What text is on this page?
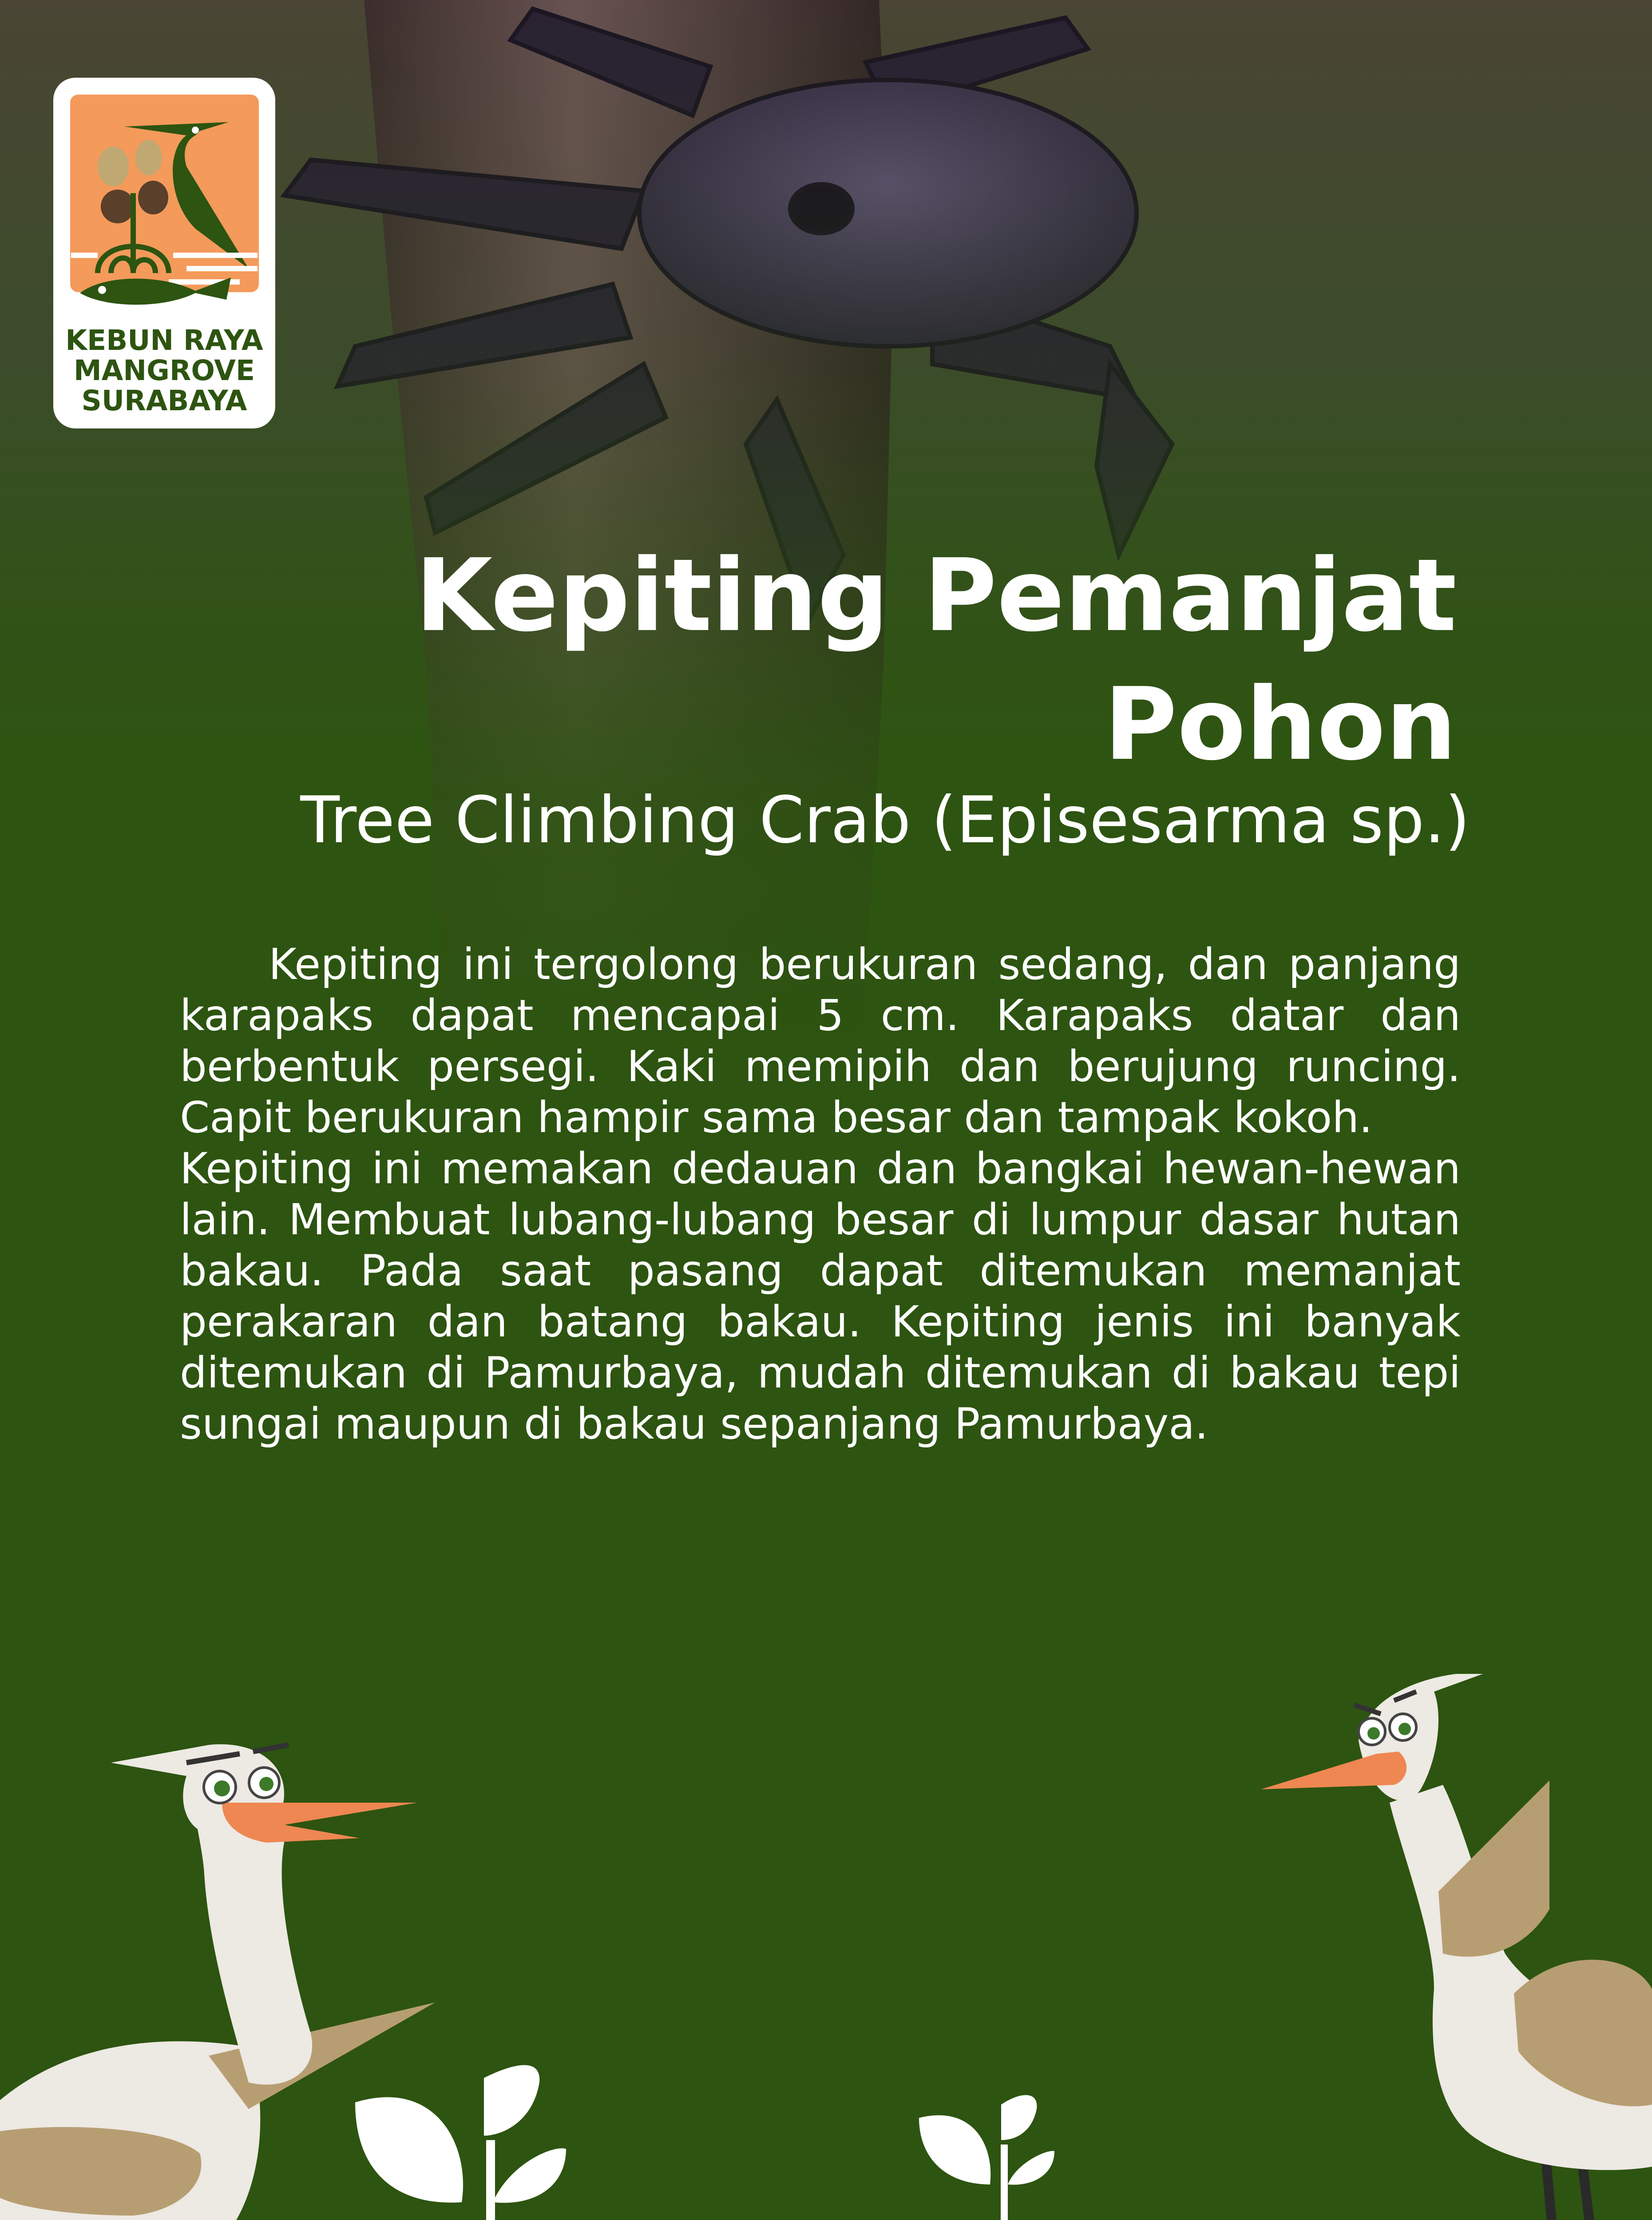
KEBUN RAYA
MANGROVE
SURABAYA
Kepiting Pemanjat
Pohon
Tree Climbing Crab (Episesarma sp.)

Kepiting ini tergolong berukuran sedang, dan panjang karapaks dapat mencapai 5 cm. Karapaks datar dan berbentuk persegi. Kaki memipih dan berujung runcing. Capit berukuran hampir sama besar dan tampak kokoh.

Kepiting ini memakan dedauan dan bangkai hewan-hewan lain. Membuat lubang-lubang besar di lumpur dasar hutan bakau. Pada saat pasang dapat ditemukan memanjat perakaran dan batang bakau. Kepiting jenis ini banyak ditemukan di Pamurbaya, mudah ditemukan di bakau tepi sungai maupun di bakau sepanjang Pamurbaya.
